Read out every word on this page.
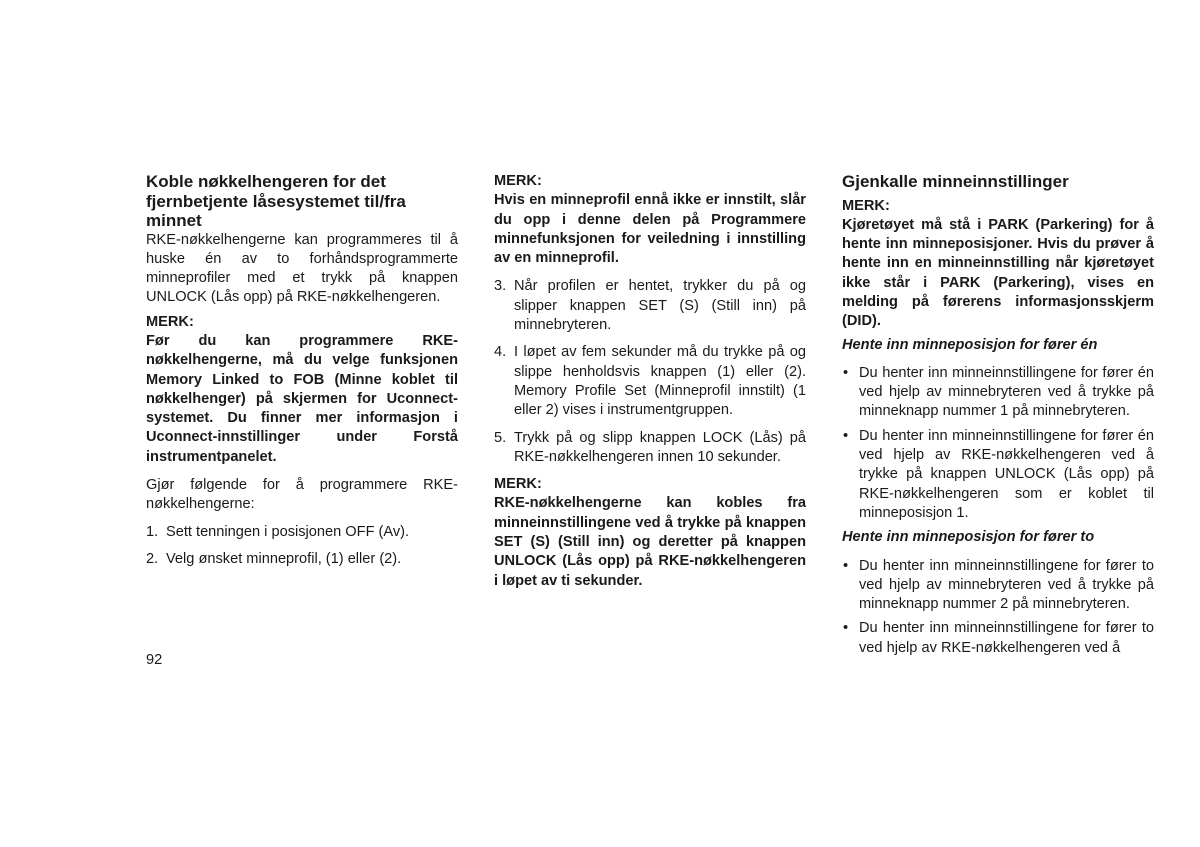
Koble nøkkelhengeren for det fjernbetjente låsesystemet til/fra minnet

RKE-nøkkelhengerne kan programmeres til å huske én av to forhåndsprogrammerte minneprofiler med et trykk på knappen UNLOCK (Lås opp) på RKE-nøkkelhengeren.

MERK:

Før du kan programmere RKE-nøkkelhengerne, må du velge funksjonen Memory Linked to FOB (Minne koblet til nøkkelhenger) på skjermen for Uconnect-systemet. Du finner mer informasjon i Uconnect-innstillinger under Forstå instrumentpanelet.

Gjør følgende for å programmere RKE-nøkkelhengerne:

1. Sett tenningen i posisjonen OFF (Av).
2. Velg ønsket minneprofil, (1) eller (2).

MERK:

Hvis en minneprofil ennå ikke er innstilt, slår du opp i denne delen på Programmere minnefunksjonen for veiledning i innstilling av en minneprofil.

3. Når profilen er hentet, trykker du på og slipper knappen SET (S) (Still inn) på minnebryteren.
4. I løpet av fem sekunder må du trykke på og slippe henholdsvis knappen (1) eller (2). Memory Profile Set (Minneprofil innstilt) (1 eller 2) vises i instrumentgruppen.
5. Trykk på og slipp knappen LOCK (Lås) på RKE-nøkkelhengeren innen 10 sekunder.

MERK:

RKE-nøkkelhengerne kan kobles fra minneinnstillingene ved å trykke på knappen SET (S) (Still inn) og deretter på knappen UNLOCK (Lås opp) på RKE-nøkkelhengeren i løpet av ti sekunder.

Gjenkalle minneinnstillinger

MERK:

Kjøretøyet må stå i PARK (Parkering) for å hente inn minneposisjoner. Hvis du prøver å hente inn en minneinnstilling når kjøretøyet ikke står i PARK (Parkering), vises en melding på førerens informasjonsskjerm (DID).

Hente inn minneposisjon for fører én

• Du henter inn minneinnstillingene for fører én ved hjelp av minnebryteren ved å trykke på minneknapp nummer 1 på minnebryteren.
• Du henter inn minneinnstillingene for fører én ved hjelp av RKE-nøkkelhengeren ved å trykke på knappen UNLOCK (Lås opp) på RKE-nøkkelhengeren som er koblet til minneposisjon 1.

Hente inn minneposisjon for fører to

• Du henter inn minneinnstillingene for fører to ved hjelp av minnebryteren ved å trykke på minneknapp nummer 2 på minnebryteren.
• Du henter inn minneinnstillingene for fører to ved hjelp av RKE-nøkkelhengeren ved å
92
